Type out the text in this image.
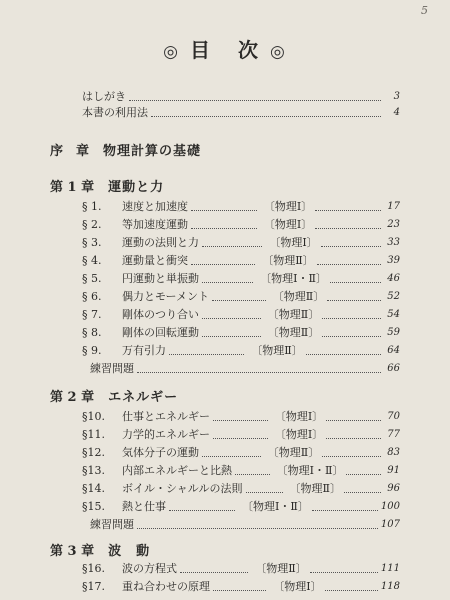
5
◎ 目 次 ◎
はしがき	3
本書の利用法	4
序　章 物理計算の基礎
第 1 章 運動と力
§ 1.	速度と加速度	〔物理Ⅰ〕	17
§ 2.	等加速度運動	〔物理Ⅰ〕	23
§ 3.	運動の法則と力	〔物理Ⅰ〕	33
§ 4.	運動量と衝突	〔物理Ⅱ〕	39
§ 5.	円運動と単振動	〔物理Ⅰ・Ⅱ〕	46
§ 6.	偶力とモーメント	〔物理Ⅱ〕	52
§ 7.	剛体のつり合い	〔物理Ⅱ〕	54
§ 8.	剛体の回転運動	〔物理Ⅱ〕	59
§ 9.	万有引力	〔物理Ⅱ〕	64
練習問題	66
第 2 章 エネルギー
§10.	仕事とエネルギー	〔物理Ⅰ〕	70
§11.	力学的エネルギー	〔物理Ⅰ〕	77
§12.	気体分子の運動	〔物理Ⅱ〕	83
§13.	内部エネルギーと比熱	〔物理Ⅰ・Ⅱ〕	91
§14.	ボイル・シャルルの法則	〔物理Ⅱ〕	96
§15.	熱と仕事	〔物理Ⅰ・Ⅱ〕	100
練習問題	107
第 3 章 波　動
§16.	波の方程式	〔物理Ⅱ〕	111
§17.	重ね合わせの原理	〔物理Ⅰ〕	118
